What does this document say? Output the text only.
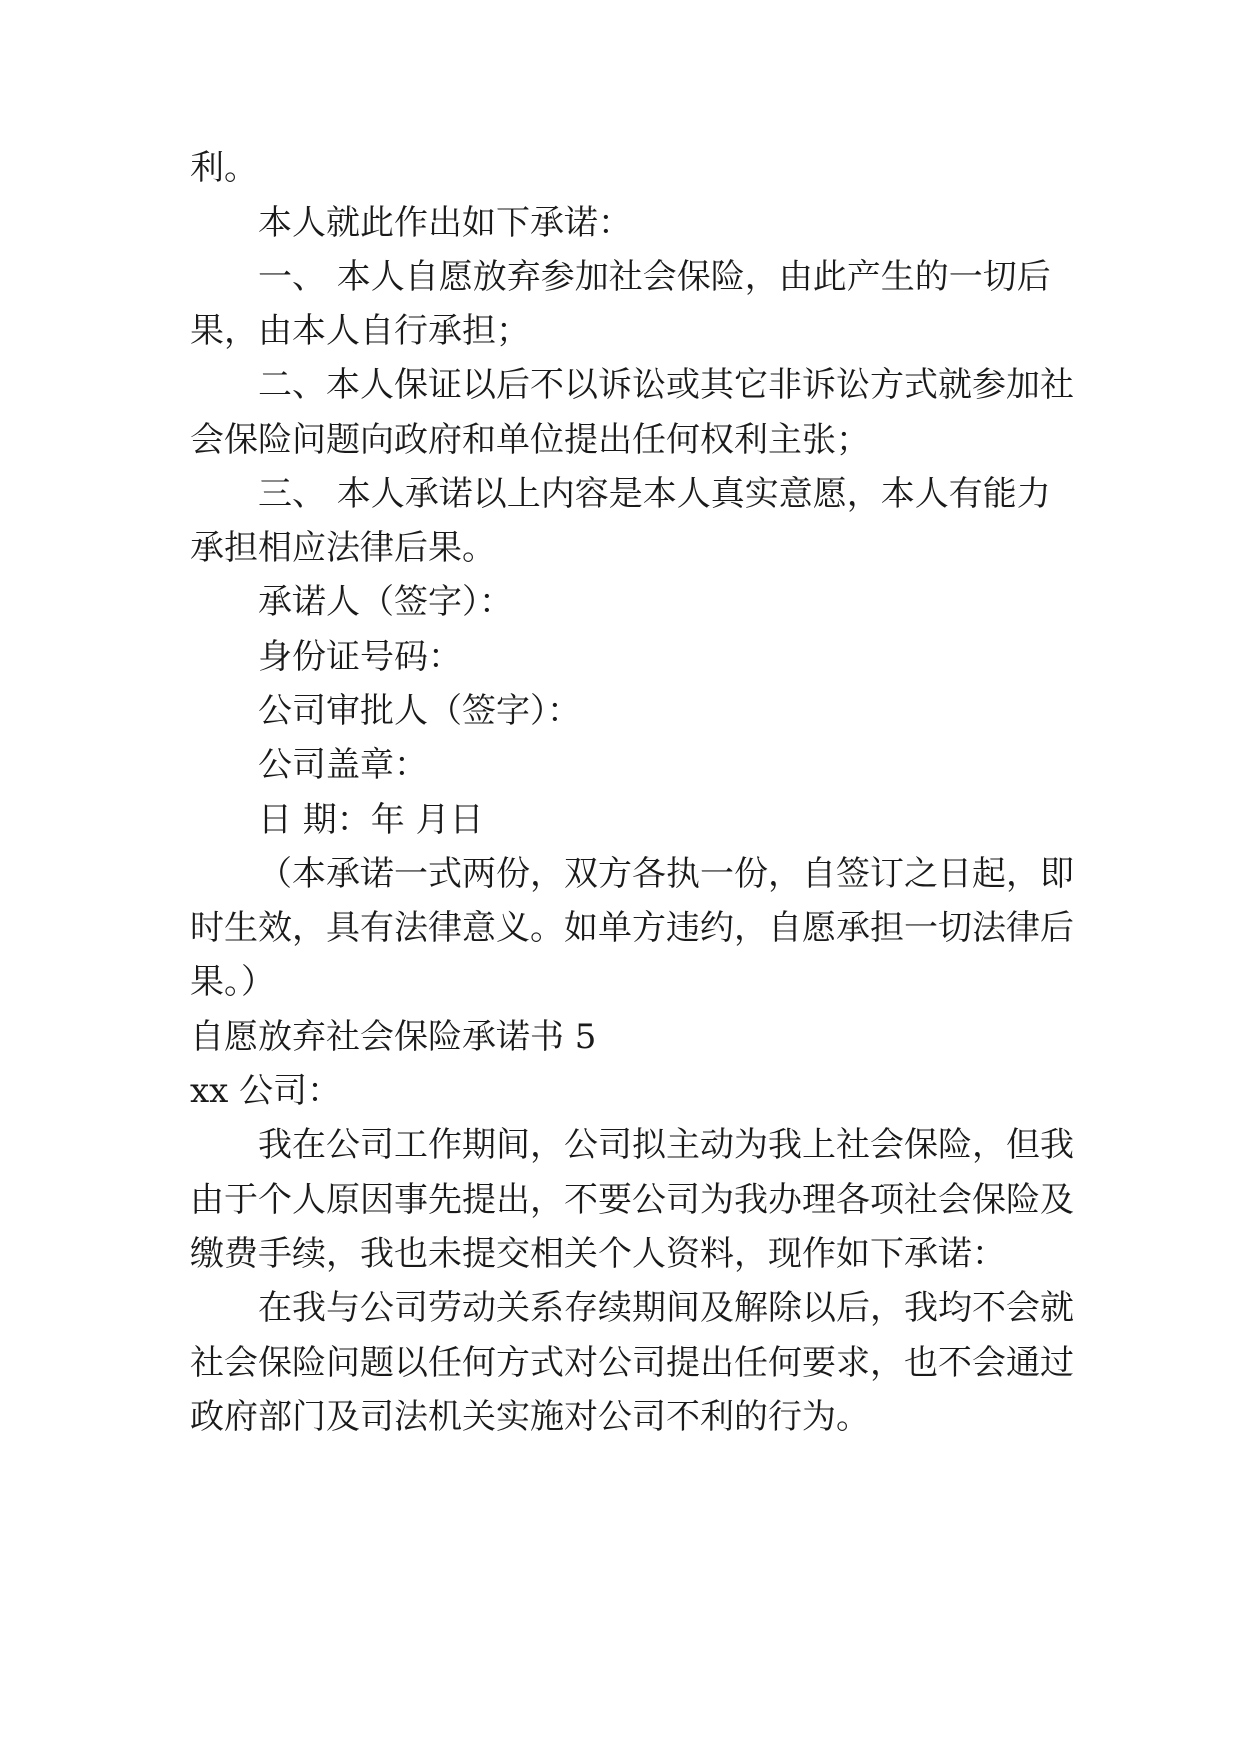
利。

本人就此作出如下承诺：

一、 本人自愿放弃参加社会保险，由此产生的一切后

果，由本人自行承担；

二、本人保证以后不以诉讼或其它非诉讼方式就参加社

会保险问题向政府和单位提出任何权利主张；

三、 本人承诺以上内容是本人真实意愿，本人有能力

承担相应法律后果。

承诺人（签字）：

身份证号码：

公司审批人（签字）：

公司盖章：

日 期：年 月日

（本承诺一式两份，双方各执一份，自签订之日起，即

时生效，具有法律意义。如单方违约，自愿承担一切法律后

果。）

自愿放弃社会保险承诺书 5

xx 公司：

我在公司工作期间，公司拟主动为我上社会保险，但我

由于个人原因事先提出，不要公司为我办理各项社会保险及

缴费手续，我也未提交相关个人资料，现作如下承诺：

在我与公司劳动关系存续期间及解除以后，我均不会就

社会保险问题以任何方式对公司提出任何要求，也不会通过

政府部门及司法机关实施对公司不利的行为。
